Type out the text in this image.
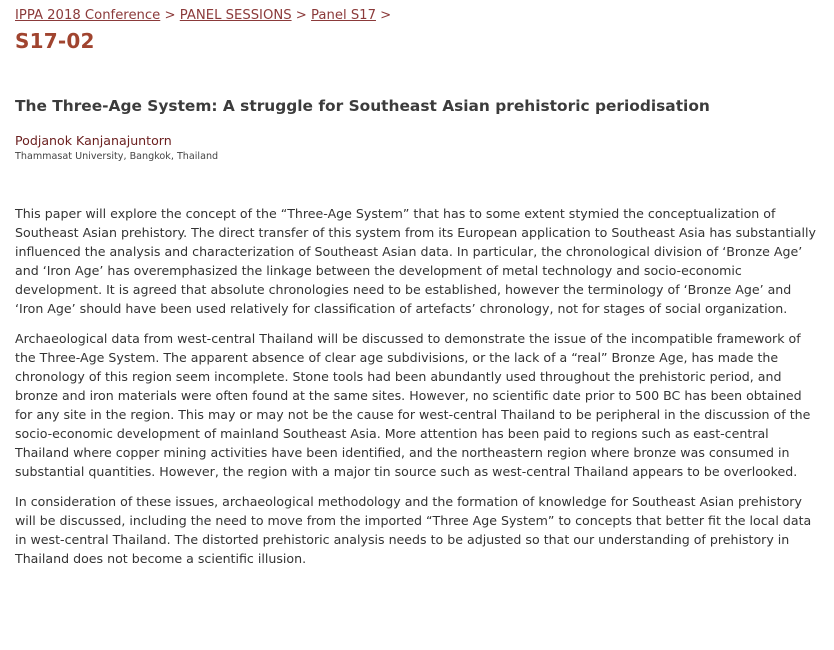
IPPA 2018 Conference > PANEL SESSIONS > Panel S17 >
S17-02
The Three-Age System: A struggle for Southeast Asian prehistoric periodisation
Podjanok Kanjanajuntorn
Thammasat University, Bangkok, Thailand

This paper will explore the concept of the “Three-Age System” that has to some extent stymied the conceptualization of Southeast Asian prehistory. The direct transfer of this system from its European application to Southeast Asia has substantially influenced the analysis and characterization of Southeast Asian data. In particular, the chronological division of ‘Bronze Age’ and ‘Iron Age’ has overemphasized the linkage between the development of metal technology and socio-economic development. It is agreed that absolute chronologies need to be established, however the terminology of ‘Bronze Age’ and ‘Iron Age’ should have been used relatively for classification of artefacts’ chronology, not for stages of social organization.

Archaeological data from west-central Thailand will be discussed to demonstrate the issue of the incompatible framework of the Three-Age System. The apparent absence of clear age subdivisions, or the lack of a “real” Bronze Age, has made the chronology of this region seem incomplete. Stone tools had been abundantly used throughout the prehistoric period, and bronze and iron materials were often found at the same sites. However, no scientific date prior to 500 BC has been obtained for any site in the region. This may or may not be the cause for west-central Thailand to be peripheral in the discussion of the socio-economic development of mainland Southeast Asia. More attention has been paid to regions such as east-central Thailand where copper mining activities have been identified, and the northeastern region where bronze was consumed in substantial quantities. However, the region with a major tin source such as west-central Thailand appears to be overlooked.

In consideration of these issues, archaeological methodology and the formation of knowledge for Southeast Asian prehistory will be discussed, including the need to move from the imported “Three Age System” to concepts that better fit the local data in west-central Thailand. The distorted prehistoric analysis needs to be adjusted so that our understanding of prehistory in Thailand does not become a scientific illusion.
